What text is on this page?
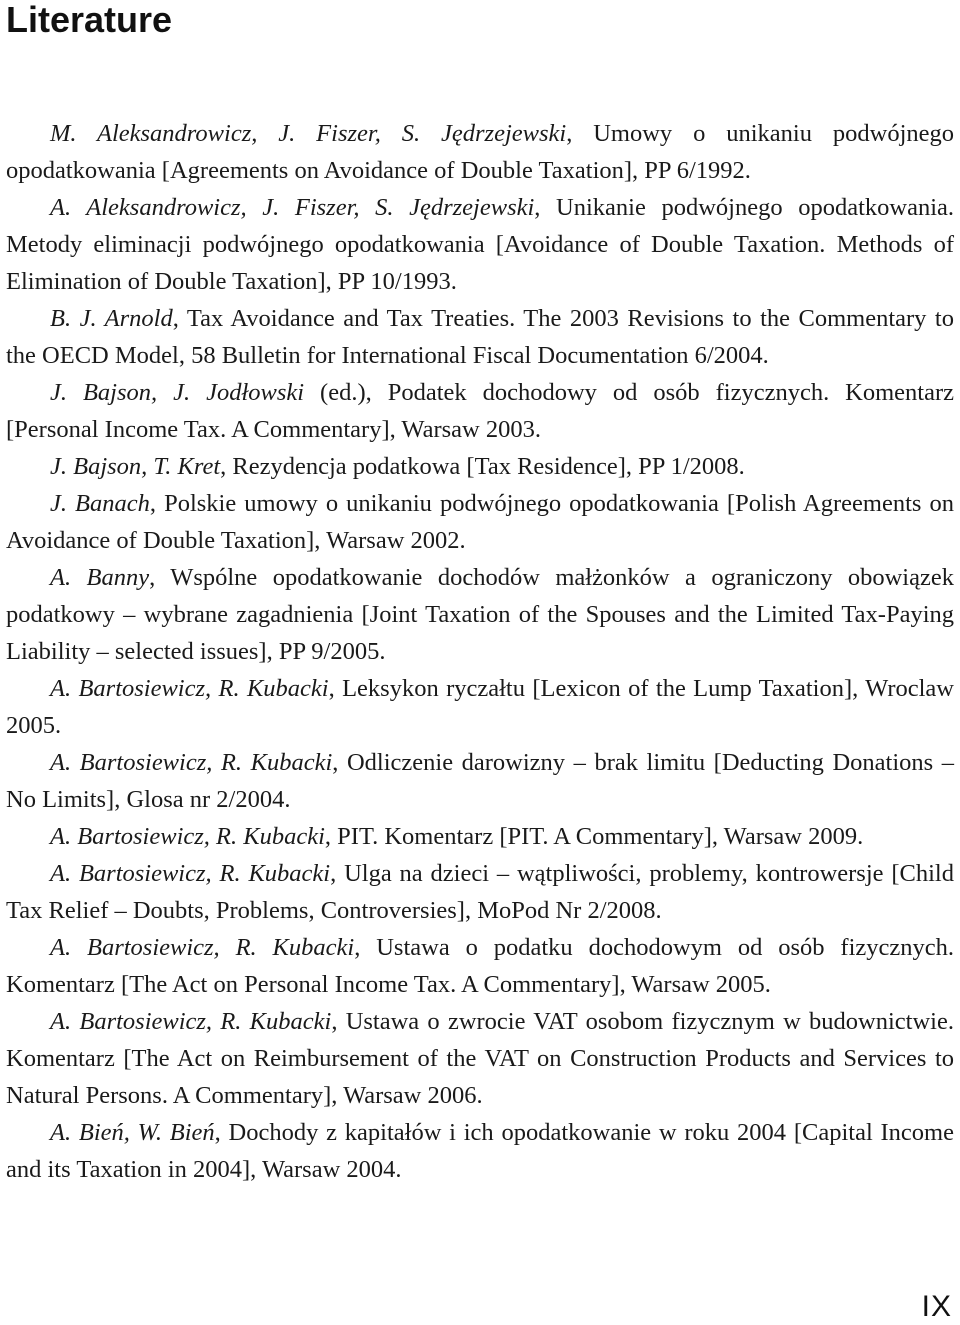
Literature

M. Aleksandrowicz, J. Fiszer, S. Jędrzejewski, Umowy o unikaniu podwójnego opodatkowania [Agreements on Avoidance of Double Taxation], PP 6/1992.

A. Aleksandrowicz, J. Fiszer, S. Jędrzejewski, Unikanie podwójnego opodatkowania. Metody eliminacji podwójnego opodatkowania [Avoidance of Double Taxation. Methods of Elimination of Double Taxation], PP 10/1993.

B. J. Arnold, Tax Avoidance and Tax Treaties. The 2003 Revisions to the Commentary to the OECD Model, 58 Bulletin for International Fiscal Documentation 6/2004.

J. Bajson, J. Jodłowski (ed.), Podatek dochodowy od osób fizycznych. Komentarz [Personal Income Tax. A Commentary], Warsaw 2003.

J. Bajson, T. Kret, Rezydencja podatkowa [Tax Residence], PP 1/2008.

J. Banach, Polskie umowy o unikaniu podwójnego opodatkowania [Polish Agreements on Avoidance of Double Taxation], Warsaw 2002.

A. Banny, Wspólne opodatkowanie dochodów małżonków a ograniczony obowiązek podatkowy – wybrane zagadnienia [Joint Taxation of the Spouses and the Limited Tax-Paying Liability – selected issues], PP 9/2005.

A. Bartosiewicz, R. Kubacki, Leksykon ryczałtu [Lexicon of the Lump Taxation], Wroclaw 2005.

A. Bartosiewicz, R. Kubacki, Odliczenie darowizny – brak limitu [Deducting Donations – No Limits], Glosa nr 2/2004.

A. Bartosiewicz, R. Kubacki, PIT. Komentarz [PIT. A Commentary], Warsaw 2009.

A. Bartosiewicz, R. Kubacki, Ulga na dzieci – wątpliwości, problemy, kontrowersje [Child Tax Relief – Doubts, Problems, Controversies], MoPod Nr 2/2008.

A. Bartosiewicz, R. Kubacki, Ustawa o podatku dochodowym od osób fizycznych. Komentarz [The Act on Personal Income Tax. A Commentary], Warsaw 2005.

A. Bartosiewicz, R. Kubacki, Ustawa o zwrocie VAT osobom fizycznym w budownictwie. Komentarz [The Act on Reimbursement of the VAT on Construction Products and Services to Natural Persons. A Commentary], Warsaw 2006.

A. Bień, W. Bień, Dochody z kapitałów i ich opodatkowanie w roku 2004 [Capital Income and its Taxation in 2004], Warsaw 2004.

IX
